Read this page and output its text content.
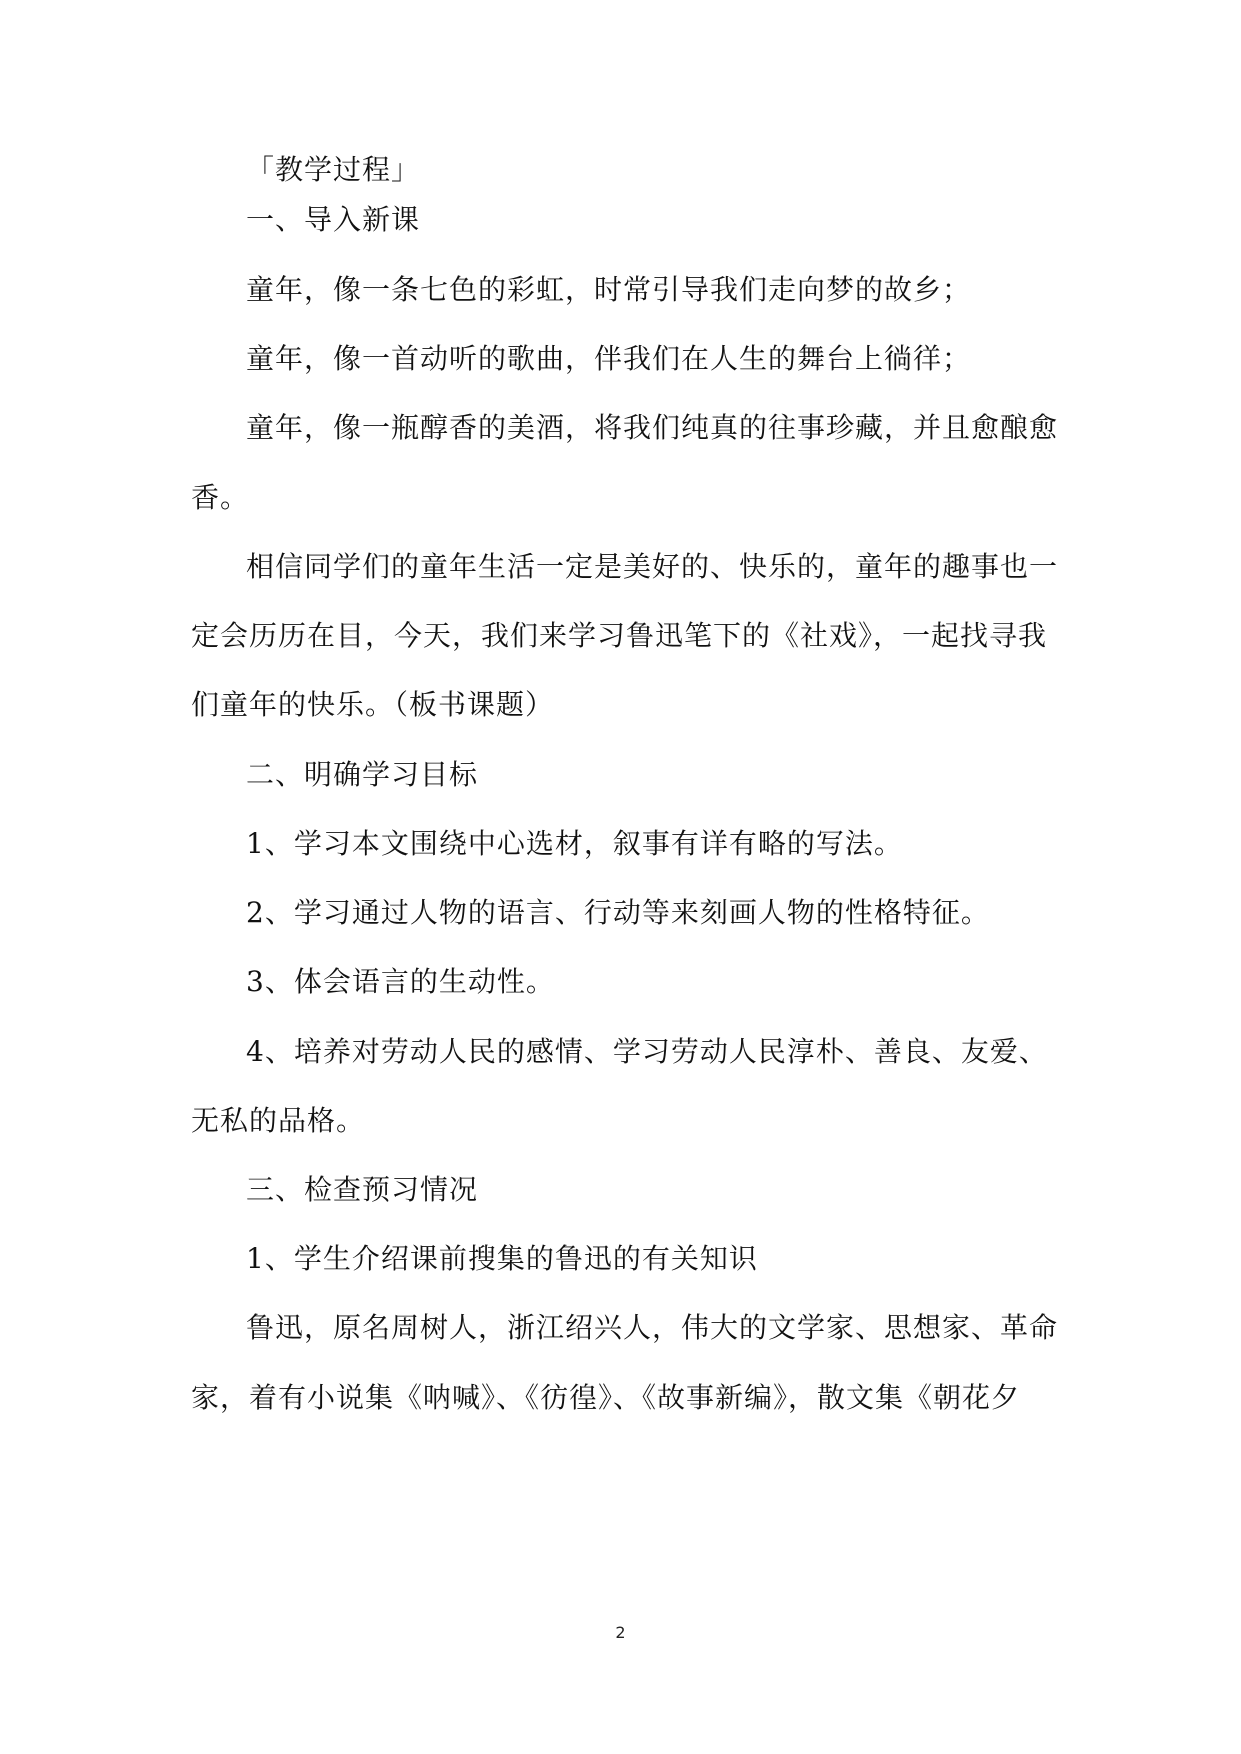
「教学过程」
一、导入新课
童年，像一条七色的彩虹，时常引导我们走向梦的故乡；
童年，像一首动听的歌曲，伴我们在人生的舞台上徜徉；
童年，像一瓶醇香的美酒，将我们纯真的往事珍藏，并且愈酿愈
香。
相信同学们的童年生活一定是美好的、快乐的，童年的趣事也一
定会历历在目，今天，我们来学习鲁迅笔下的《社戏》，一起找寻我
们童年的快乐。（板书课题）
二、明确学习目标
1、学习本文围绕中心选材，叙事有详有略的写法。
2、学习通过人物的语言、行动等来刻画人物的性格特征。
3、体会语言的生动性。
4、培养对劳动人民的感情、学习劳动人民淳朴、善良、友爱、
无私的品格。
三、检查预习情况
1、学生介绍课前搜集的鲁迅的有关知识
鲁迅，原名周树人，浙江绍兴人，伟大的文学家、思想家、革命
家，着有小说集《呐喊》、《彷徨》、《故事新编》，散文集《朝花夕
2
